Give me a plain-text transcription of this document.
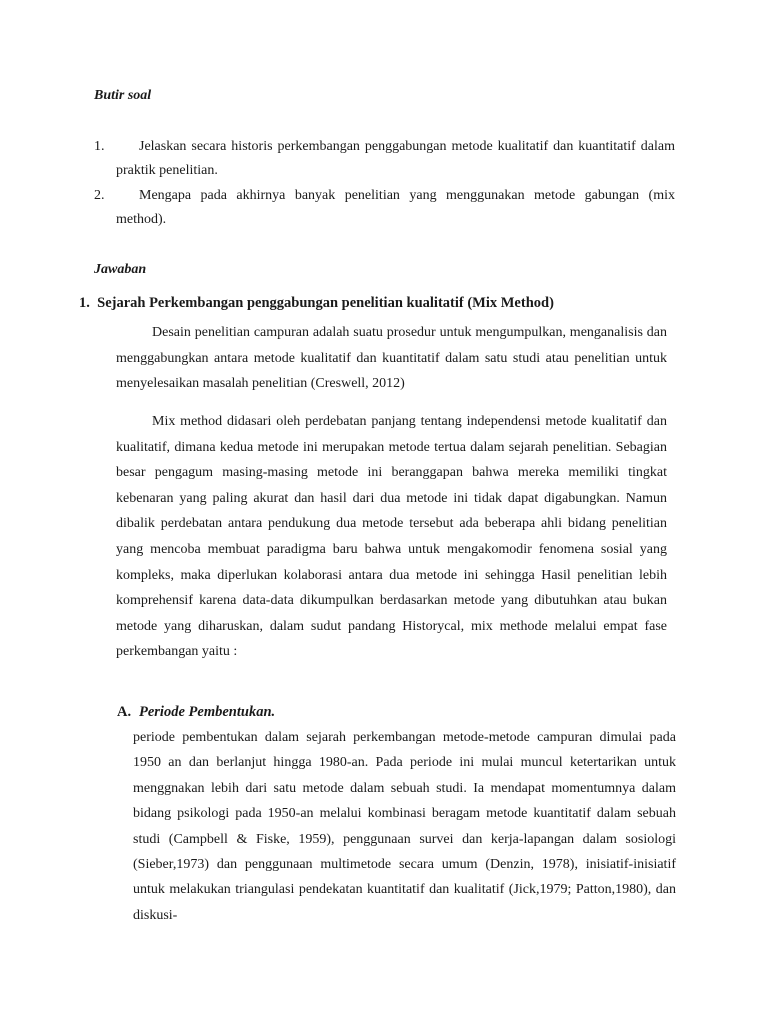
Butir soal
1.	Jelaskan secara historis perkembangan penggabungan metode kualitatif dan kuantitatif dalam praktik penelitian.
2.	Mengapa pada akhirnya banyak penelitian yang menggunakan metode gabungan (mix method).
Jawaban
1.  Sejarah Perkembangan penggabungan penelitian kualitatif (Mix Method)
Desain penelitian campuran adalah suatu prosedur untuk mengumpulkan, menganalisis dan menggabungkan antara metode kualitatif dan kuantitatif dalam satu studi atau penelitian untuk menyelesaikan masalah penelitian (Creswell, 2012)
Mix method didasari oleh perdebatan panjang tentang independensi metode kualitatif dan kualitatif, dimana kedua metode ini merupakan metode tertua dalam sejarah penelitian. Sebagian besar pengagum masing-masing metode ini beranggapan bahwa mereka memiliki tingkat kebenaran yang paling akurat dan hasil dari dua metode ini tidak dapat digabungkan. Namun dibalik perdebatan antara pendukung dua metode tersebut ada beberapa ahli bidang penelitian yang mencoba membuat paradigma baru bahwa untuk mengakomodir fenomena sosial yang kompleks, maka diperlukan kolaborasi antara dua metode ini sehingga Hasil penelitian lebih komprehensif karena data-data dikumpulkan berdasarkan metode yang dibutuhkan atau bukan metode yang diharuskan, dalam sudut pandang Historycal, mix methode melalui empat fase perkembangan yaitu :
A. Periode Pembentukan.
periode pembentukan dalam sejarah perkembangan metode-metode campuran dimulai pada 1950 an dan berlanjut hingga 1980-an. Pada periode ini mulai muncul ketertarikan untuk menggnakan lebih dari satu metode dalam sebuah studi. Ia mendapat momentumnya dalam bidang psikologi pada 1950-an melalui kombinasi beragam metode kuantitatif dalam sebuah studi (Campbell & Fiske, 1959), penggunaan survei dan kerja-lapangan dalam sosiologi (Sieber,1973) dan penggunaan multimetode secara umum (Denzin, 1978), inisiatif-inisiatif untuk melakukan triangulasi pendekatan kuantitatif dan kualitatif (Jick,1979; Patton,1980), dan diskusi-
